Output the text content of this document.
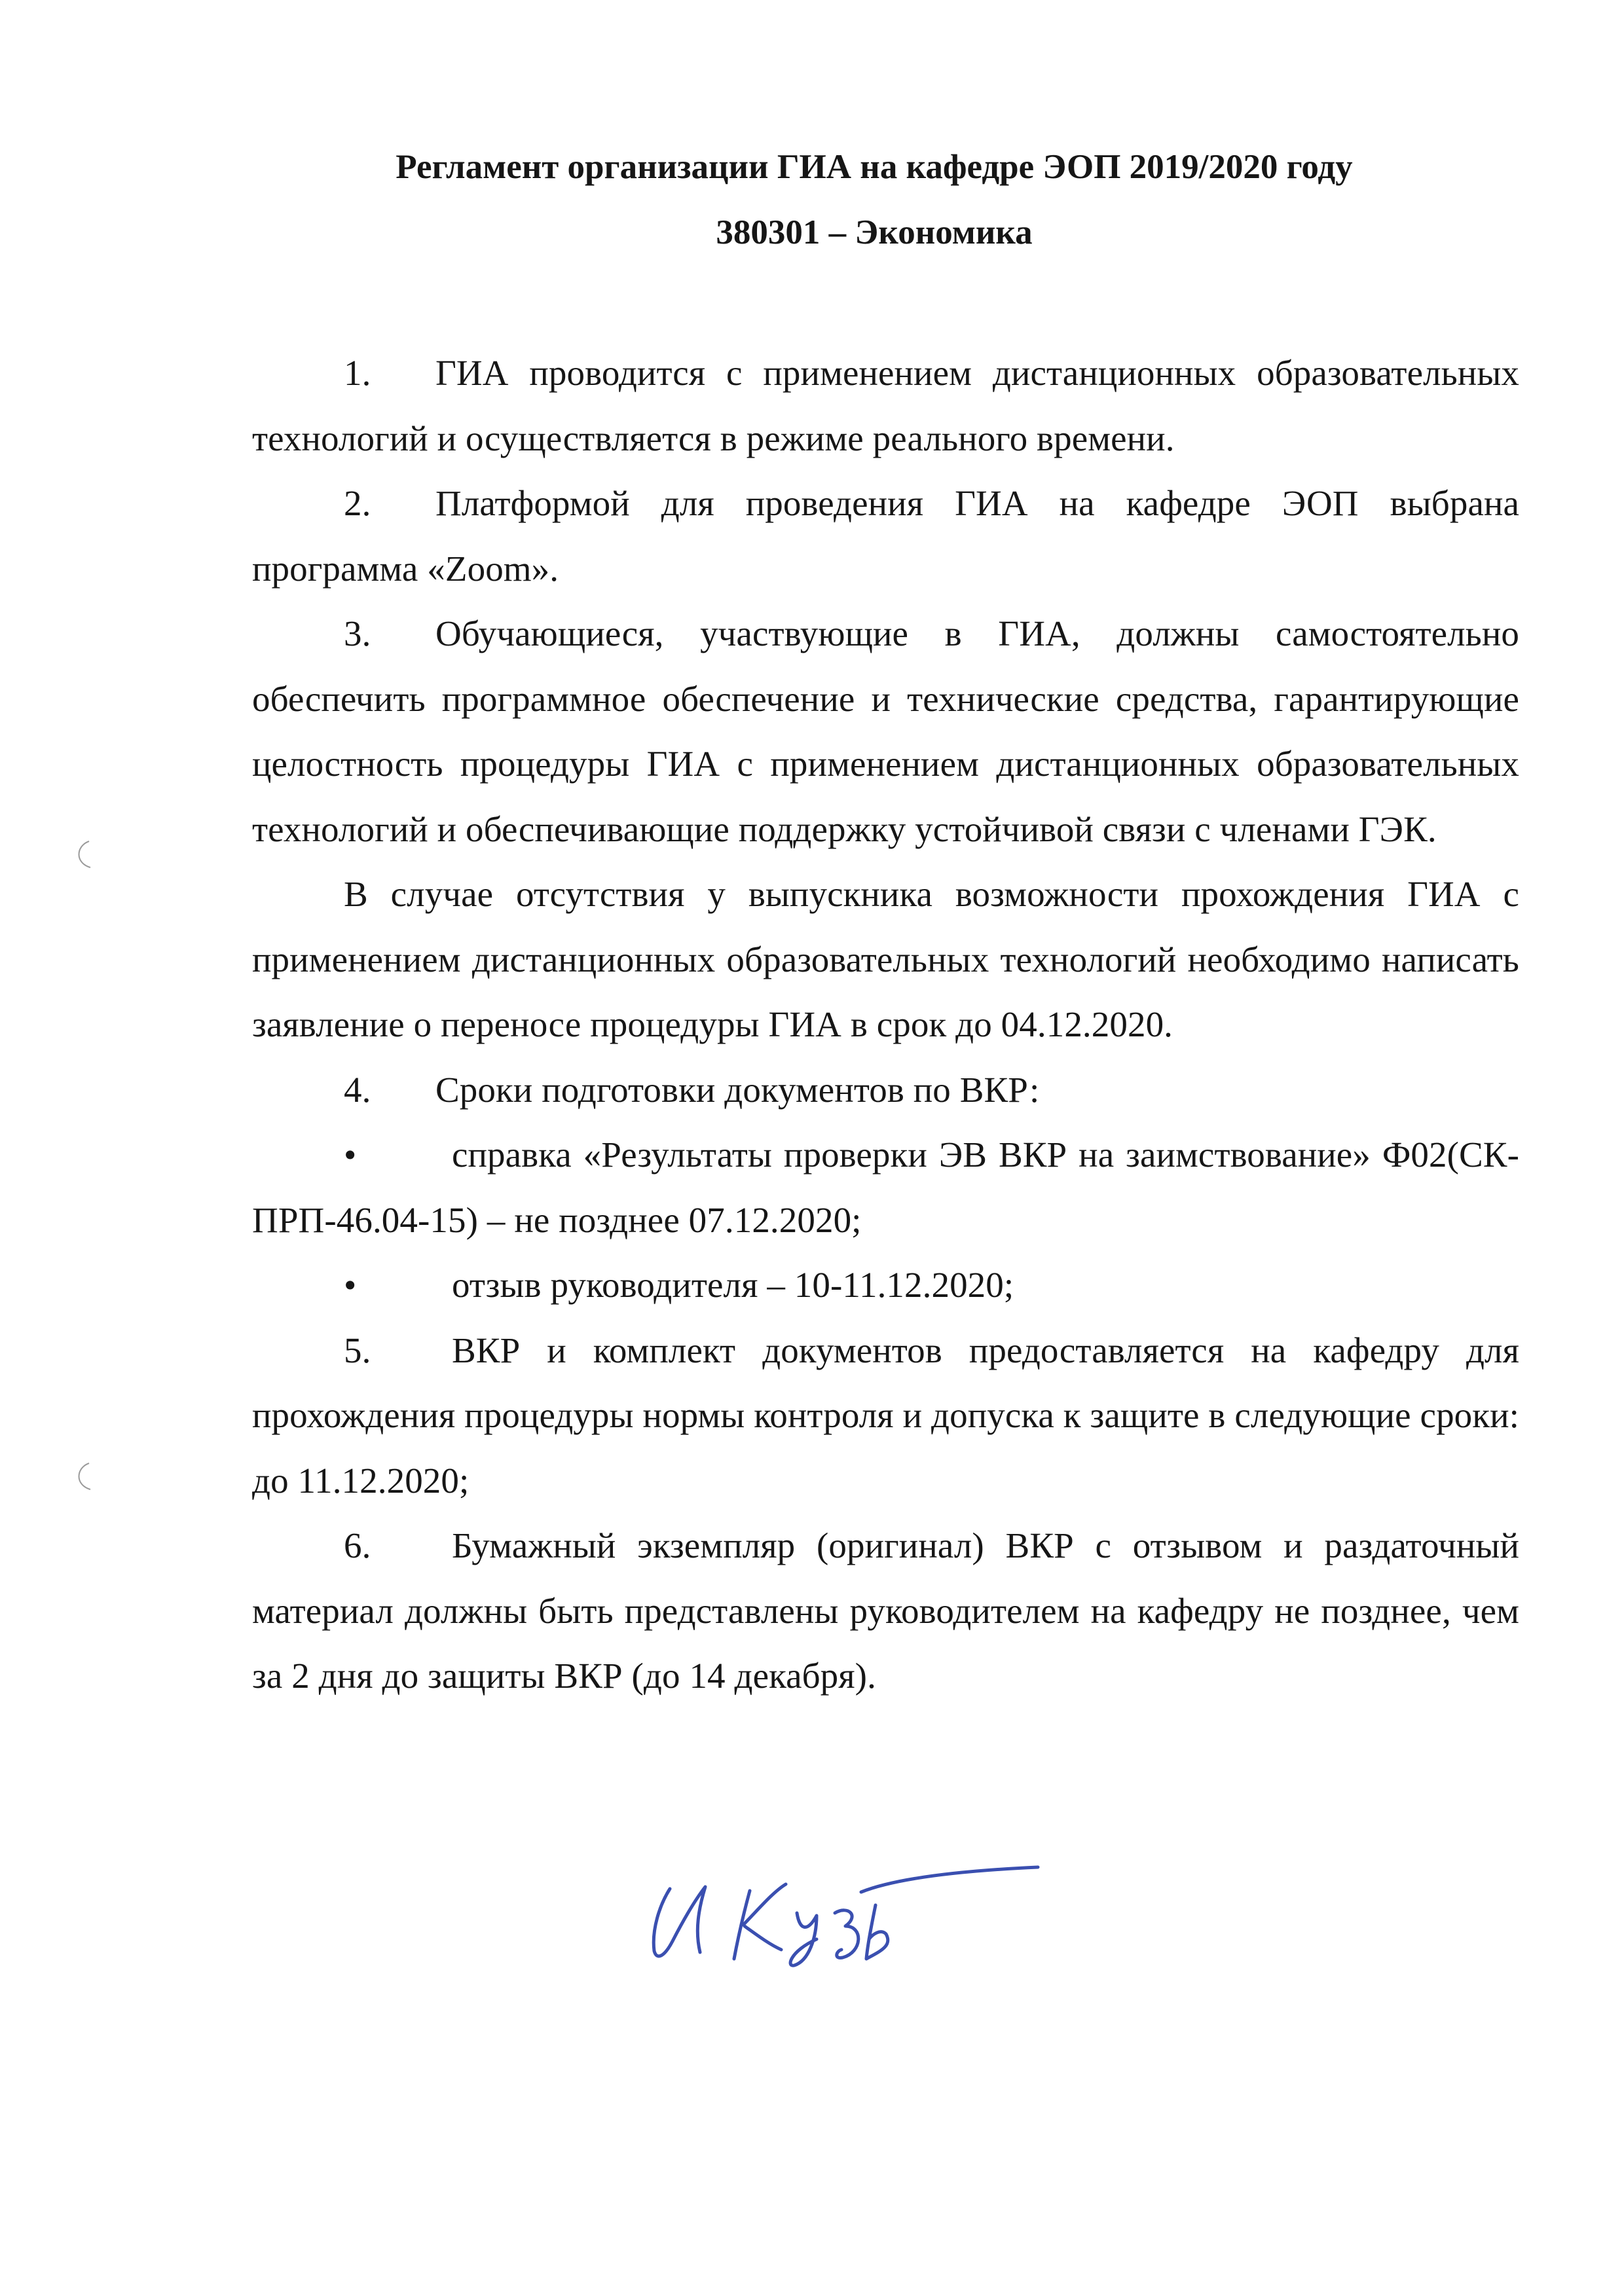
Регламент организации ГИА на кафедре ЭОП 2019/2020 году
380301 – Экономика

1. ГИА проводится с применением дистанционных образовательных технологий и осуществляется в режиме реального времени.

2. Платформой для проведения ГИА на кафедре ЭОП выбрана программа «Zoom».

3. Обучающиеся, участвующие в ГИА, должны самостоятельно обеспечить программное обеспечение и технические средства, гарантирующие целостность процедуры ГИА с применением дистанционных образовательных технологий и обеспечивающие поддержку устойчивой связи с членами ГЭК.

В случае отсутствия у выпускника возможности прохождения ГИА с применением дистанционных образовательных технологий необходимо написать заявление о переносе процедуры ГИА в срок до 04.12.2020.

4. Сроки подготовки документов по ВКР:

•	справка «Результаты проверки ЭВ ВКР на заимствование» Ф02(СК-ПРП-46.04-15) – не позднее 07.12.2020;

•	отзыв руководителя – 10-11.12.2020;

5. ВКР и комплект документов предоставляется на кафедру для прохождения процедуры нормы контроля и допуска к защите в следующие сроки: до 11.12.2020;

6. Бумажный экземпляр (оригинал) ВКР с отзывом и раздаточный материал должны быть представлены руководителем на кафедру не позднее, чем за 2 дня до защиты ВКР (до 14 декабря).
